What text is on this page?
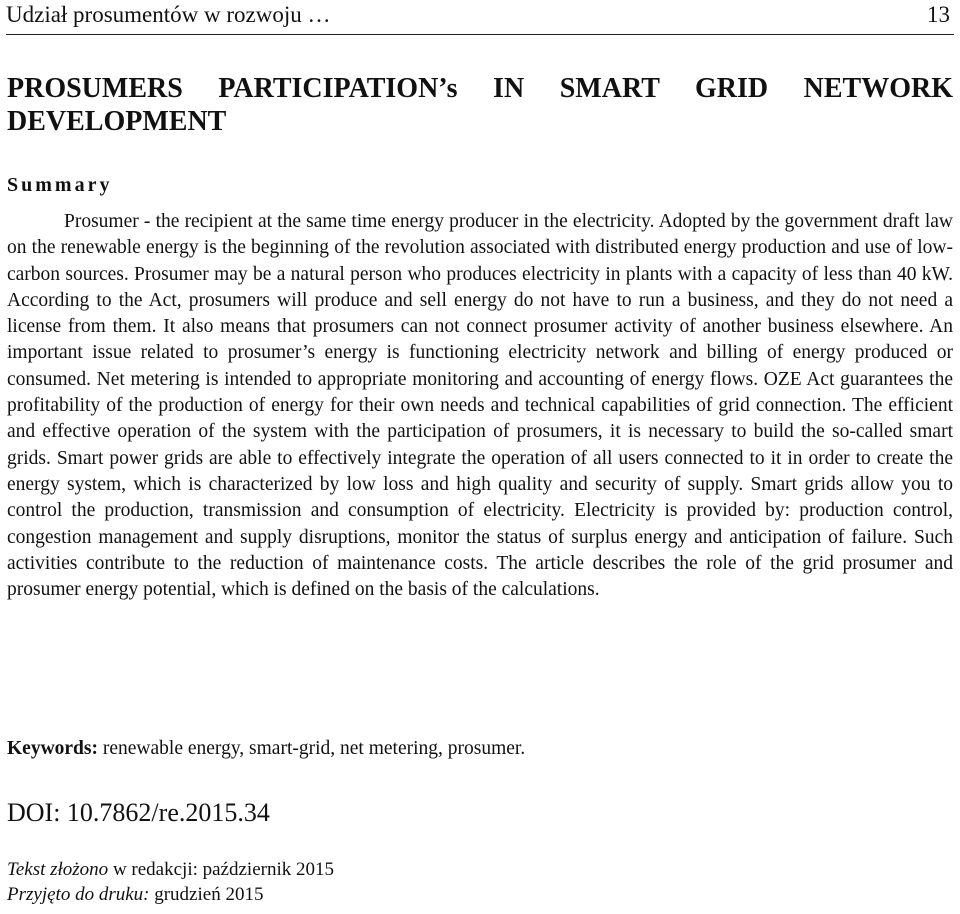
Udział prosumentów w rozwoju …	13
PROSUMERS PARTICIPATION’s IN SMART GRID NETWORK DEVELOPMENT
Summary

Prosumer - the recipient at the same time energy producer in the electricity. Adopted by the government draft law on the renewable energy is the beginning of the revolution associated with distributed energy production and use of low-carbon sources. Prosumer may be a natural person who produces electricity in plants with a capacity of less than 40 kW. According to the Act, prosumers will produce and sell energy do not have to run a business, and they do not need a license from them. It also means that prosumers can not connect prosumer activity of another business elsewhere. An important issue related to prosumer’s energy is functioning electricity network and billing of energy produced or consumed. Net metering is intended to appropriate monitoring and accounting of energy flows. OZE Act guarantees the profitability of the production of energy for their own needs and technical capabilities of grid connection. The efficient and effective operation of the system with the participation of prosumers, it is necessary to build the so-called smart grids. Smart power grids are able to effectively integrate the operation of all users connected to it in order to create the energy system, which is characterized by low loss and high quality and security of supply. Smart grids allow you to control the production, transmission and consumption of electricity. Electricity is provided by: production control, congestion management and supply disruptions, monitor the status of surplus energy and anticipation of failure. Such activities contribute to the reduction of maintenance costs. The article describes the role of the grid prosumer and prosumer energy potential, which is defined on the basis of the calculations.

Keywords: renewable energy, smart-grid, net metering, prosumer.

DOI: 10.7862/re.2015.34

Tekst złożono w redakcji: październik 2015
Przyjęto do druku: grudzień 2015
